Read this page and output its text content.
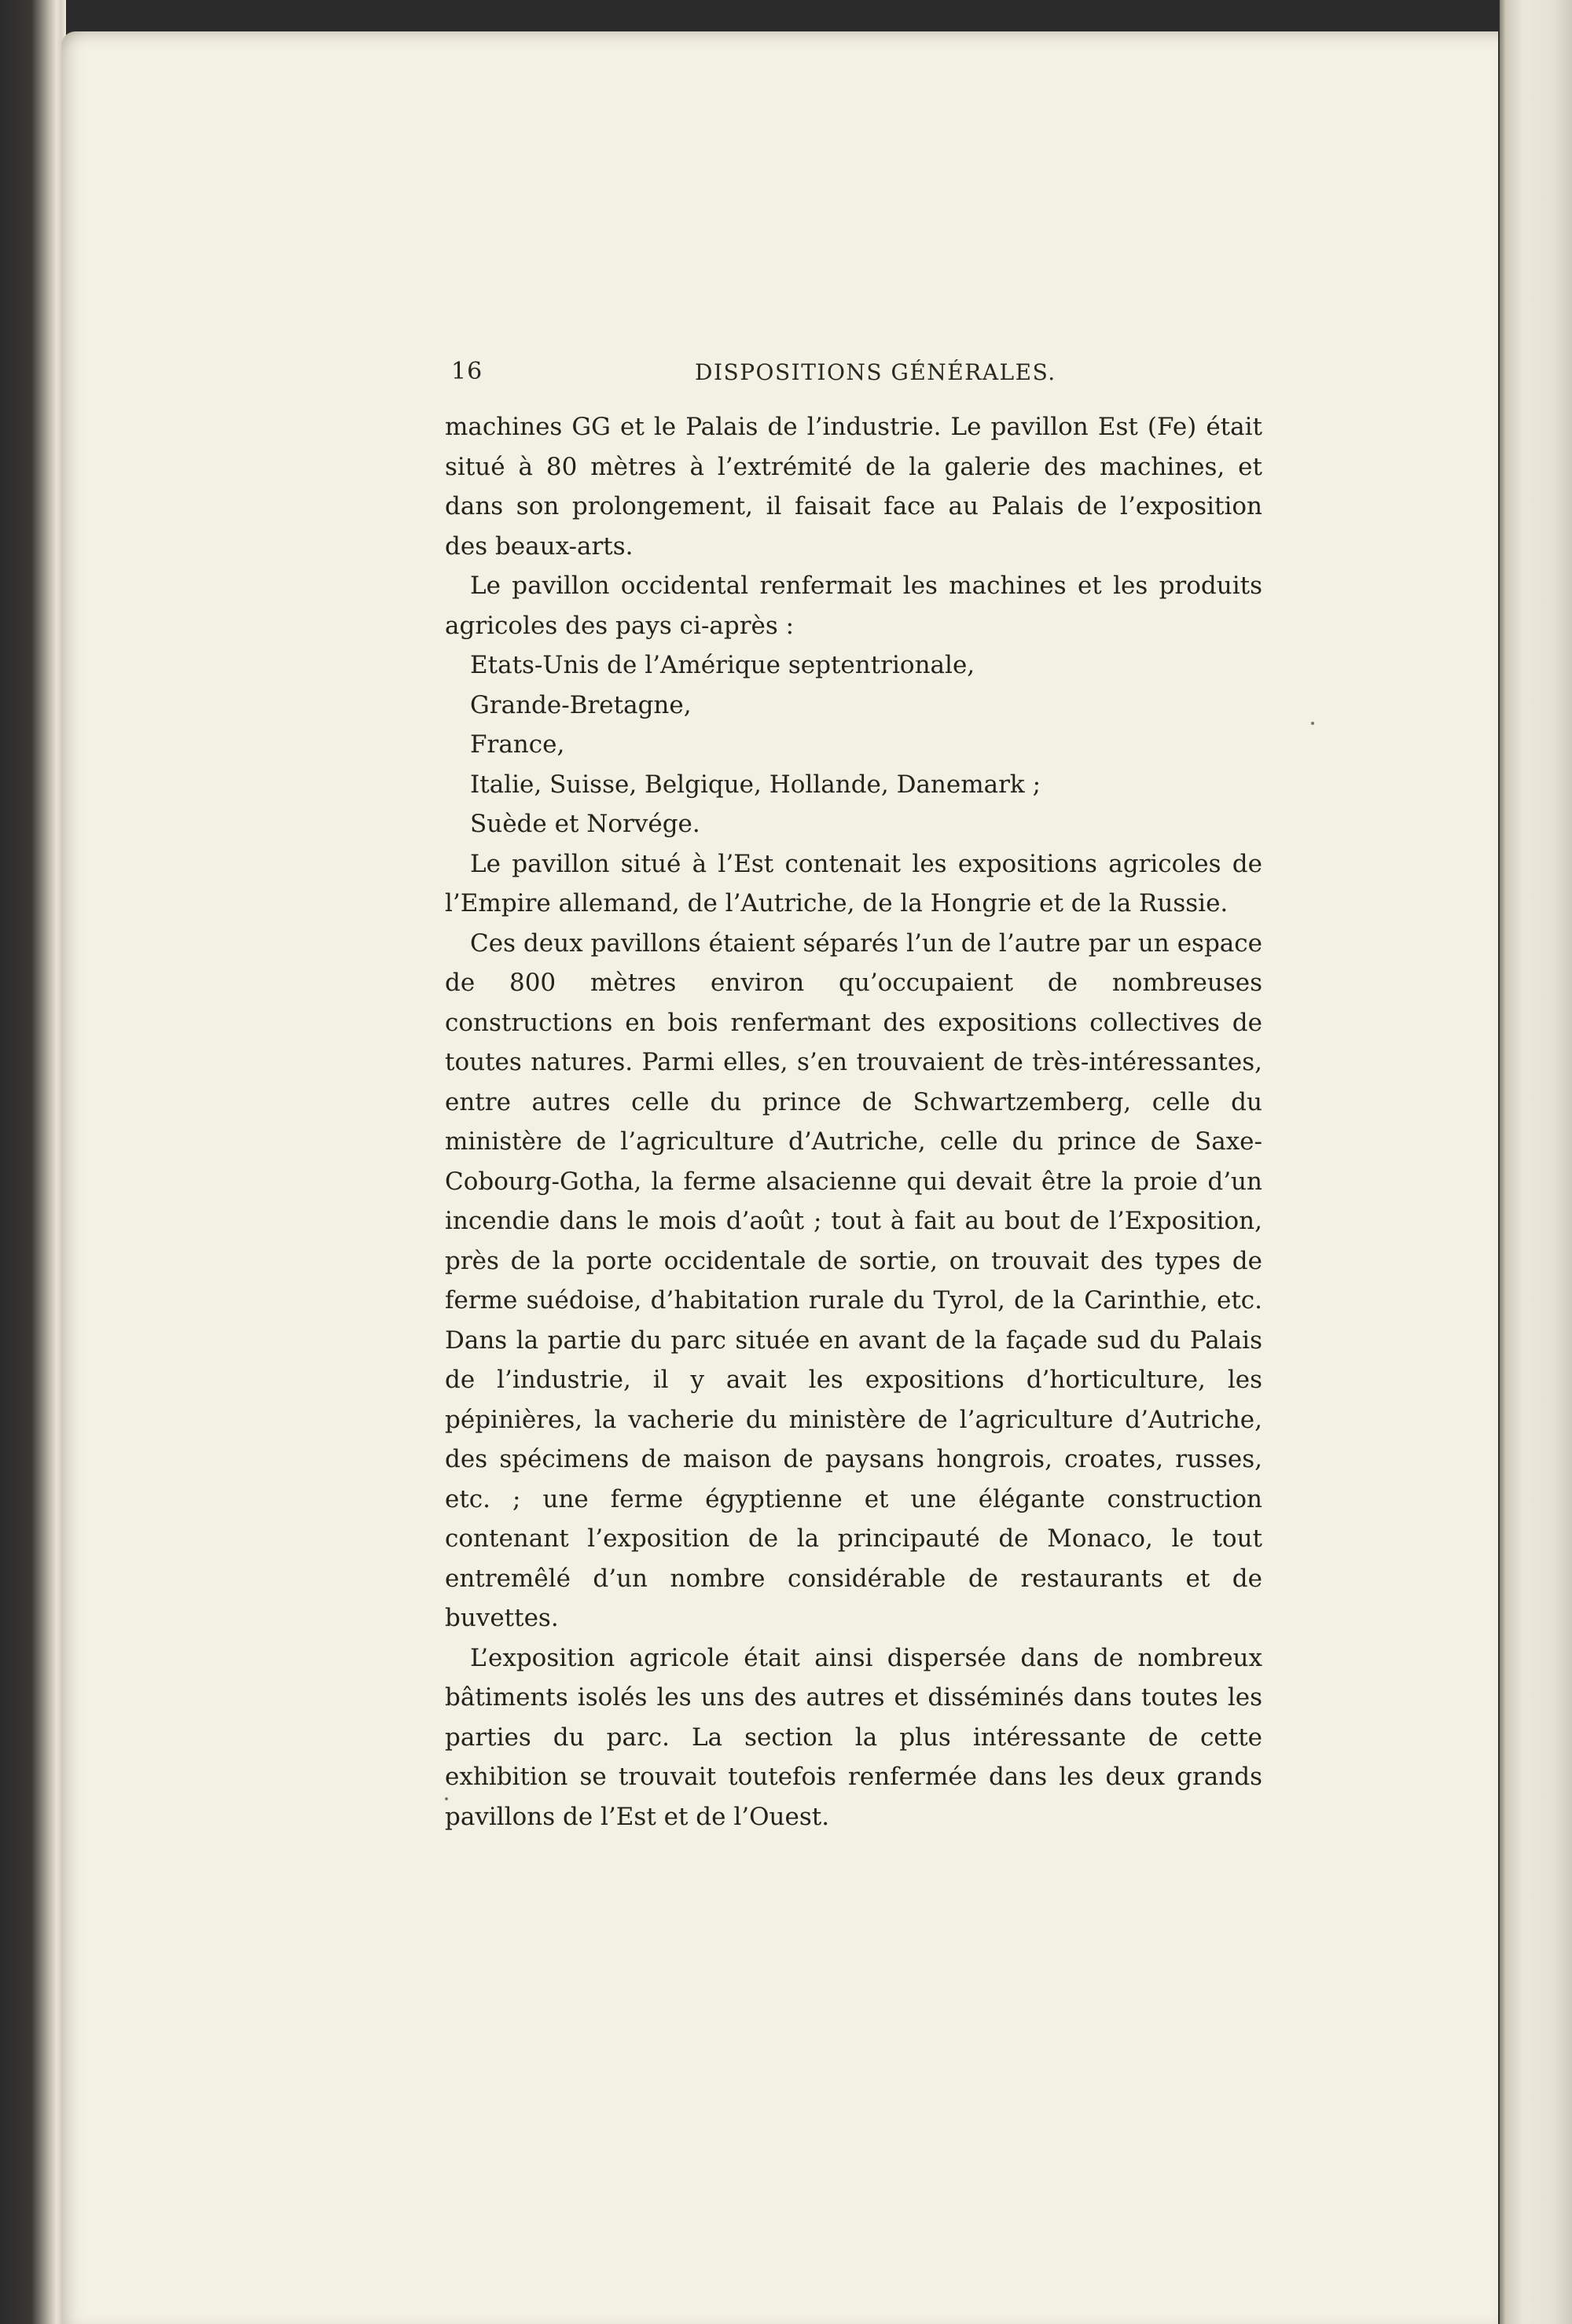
16	DISPOSITIONS GÉNÉRALES.

machines GG et le Palais de l’industrie. Le pavillon Est (Fe) était situé à 80 mètres à l’extrémité de la galerie des machines, et dans son prolongement, il faisait face au Palais de l’exposition des beaux-arts.

Le pavillon occidental renfermait les machines et les produits agricoles des pays ci-après :

Etats-Unis de l’Amérique septentrionale,

Grande-Bretagne,

France,

Italie, Suisse, Belgique, Hollande, Danemark ;

Suède et Norvége.

Le pavillon situé à l’Est contenait les expositions agricoles de l’Empire allemand, de l’Autriche, de la Hongrie et de la Russie.

Ces deux pavillons étaient séparés l’un de l’autre par un espace de 800 mètres environ qu’occupaient de nombreuses constructions en bois renfermant des expositions collectives de toutes natures. Parmi elles, s’en trouvaient de très-intéressantes, entre autres celle du prince de Schwartzemberg, celle du ministère de l’agriculture d’Autriche, celle du prince de Saxe-Cobourg-Gotha, la ferme alsacienne qui devait être la proie d’un incendie dans le mois d’août ; tout à fait au bout de l’Exposition, près de la porte occidentale de sortie, on trouvait des types de ferme suédoise, d’habitation rurale du Tyrol, de la Carinthie, etc. Dans la partie du parc située en avant de la façade sud du Palais de l’industrie, il y avait les expositions d’horticulture, les pépinières, la vacherie du ministère de l’agriculture d’Autriche, des spécimens de maison de paysans hongrois, croates, russes, etc. ; une ferme égyptienne et une élégante construction contenant l’exposition de la principauté de Monaco, le tout entremêlé d’un nombre considérable de restaurants et de buvettes.

L’exposition agricole était ainsi dispersée dans de nombreux bâtiments isolés les uns des autres et disséminés dans toutes les parties du parc. La section la plus intéressante de cette exhibition se trouvait toutefois renfermée dans les deux grands pavillons de l’Est et de l’Ouest.
